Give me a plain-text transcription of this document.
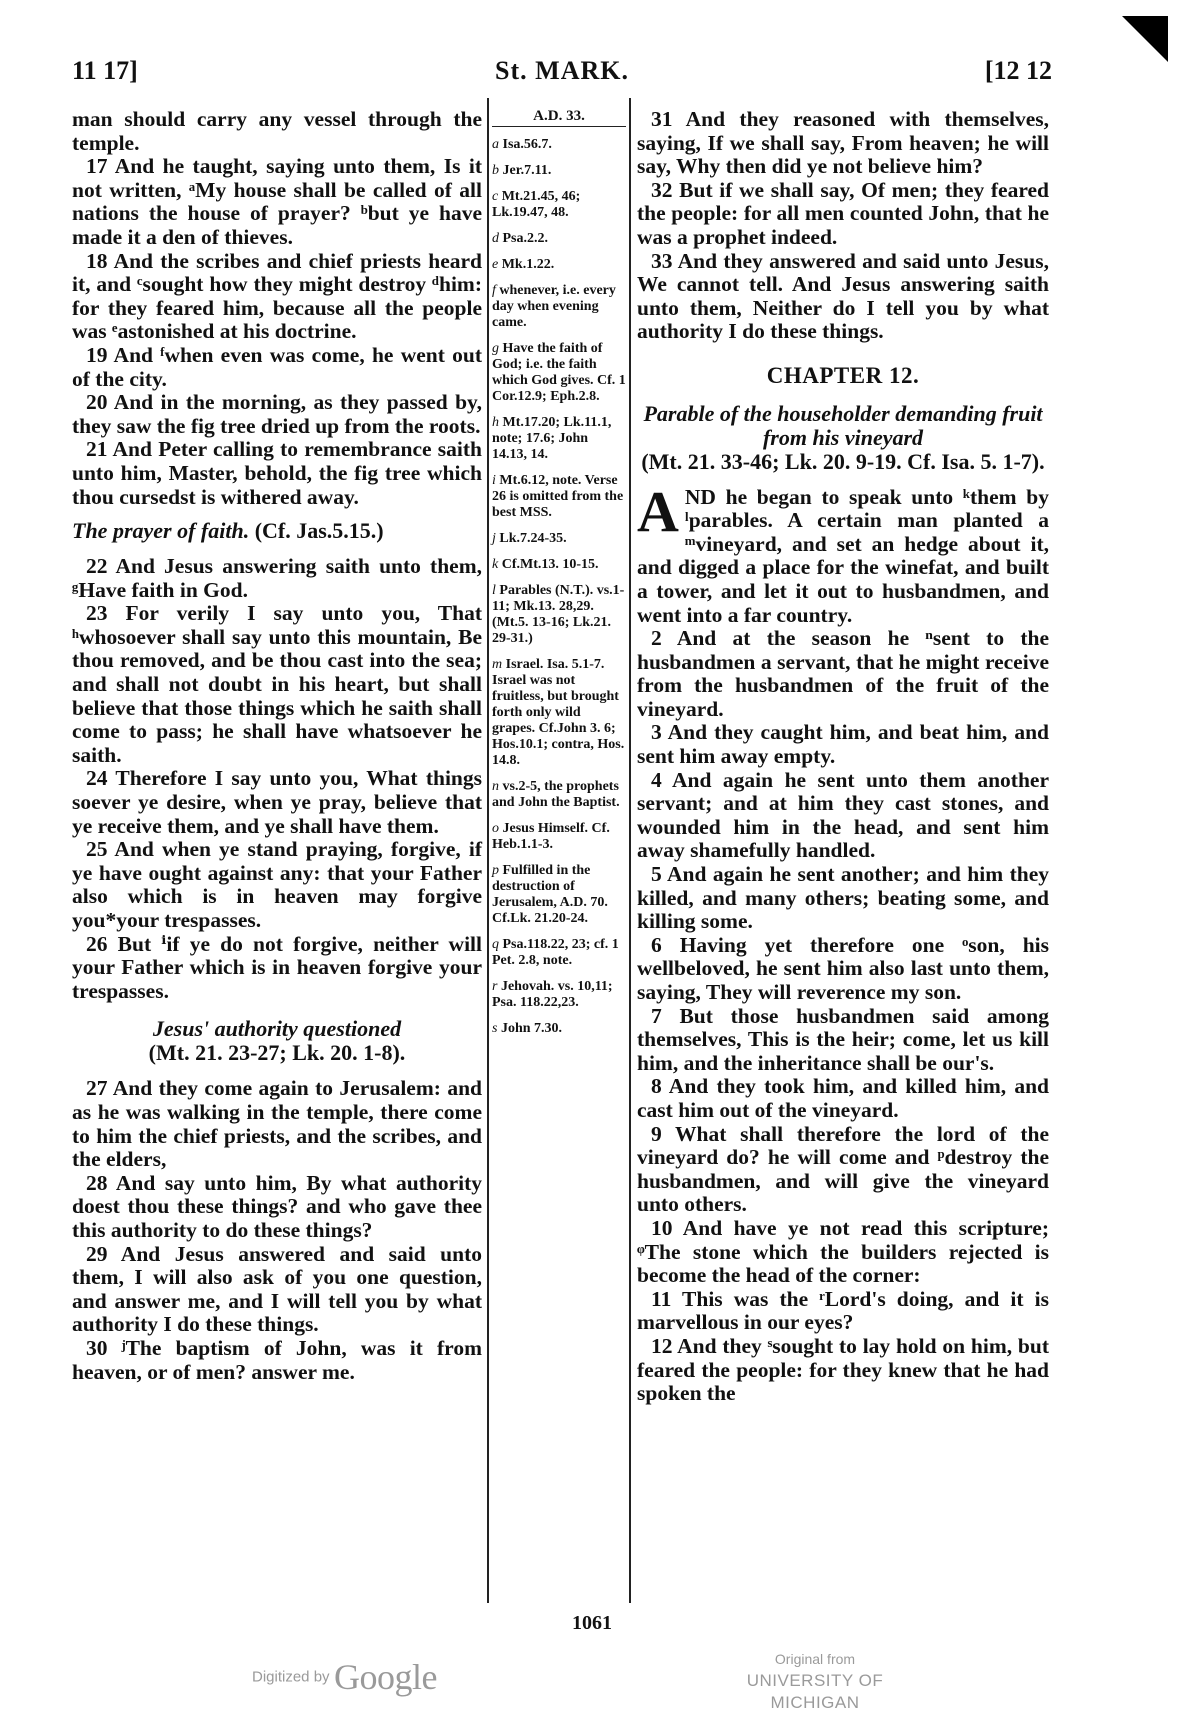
11 17]	St. MARK.	[12 12

man should carry any vessel through the temple.

17 And he taught, saying unto them, Is it not written, ᵃMy house shall be called of all nations the house of prayer? ᵇbut ye have made it a den of thieves.

18 And the scribes and chief priests heard it, and ᶜsought how they might destroy ᵈhim: for they feared him, because all the people was ᵉastonished at his doctrine.

19 And ᶠwhen even was come, he went out of the city.

20 And in the morning, as they passed by, they saw the fig tree dried up from the roots.

21 And Peter calling to remembrance saith unto him, Master, behold, the fig tree which thou cursedst is withered away.

The prayer of faith. (Cf. Jas.5.15.)

22 And Jesus answering saith unto them, ᵍHave faith in God.

23 For verily I say unto you, That ʰwhosoever shall say unto this mountain, Be thou removed, and be thou cast into the sea; and shall not doubt in his heart, but shall believe that those things which he saith shall come to pass; he shall have whatsoever he saith.

24 Therefore I say unto you, What things soever ye desire, when ye pray, believe that ye receive them, and ye shall have them.

25 And when ye stand praying, forgive, if ye have ought against any: that your Father also which is in heaven may forgive you*your trespasses.

26 But ⁱif ye do not forgive, neither will your Father which is in heaven forgive your trespasses.

Jesus' authority questioned
(Mt. 21. 23-27; Lk. 20. 1-8).

27 And they come again to Jerusalem: and as he was walking in the temple, there come to him the chief priests, and the scribes, and the elders,

28 And say unto him, By what authority doest thou these things? and who gave thee this authority to do these things?

29 And Jesus answered and said unto them, I will also ask of you one question, and answer me, and I will tell you by what authority I do these things.

30 ʲThe baptism of John, was it from heaven, or of men? answer me.

A.D. 33.
a Isa.56.7.
b Jer.7.11.
c Mt.21.45, 46; Lk.19.47, 48.
d Psa.2.2.
e Mk.1.22.
f whenever, i.e. every day when evening came.
g Have the faith of God; i.e. the faith which God gives. Cf. 1 Cor.12.9; Eph.2.8.
h Mt.17.20; Lk.11.1, note; 17.6; John 14.13, 14.
i Mt.6.12, note. Verse 26 is omitted from the best MSS.
j Lk.7.24-35.
k Cf.Mt.13. 10-15.
l Parables (N.T.). vs.1-11; Mk.13. 28,29. (Mt.5. 13-16; Lk.21. 29-31.)
m Israel. Isa. 5.1-7. Israel was not fruitless, but brought forth only wild grapes. Cf.John 3. 6; Hos.10.1; contra, Hos. 14.8.
n vs.2-5, the prophets and John the Baptist.
o Jesus Himself. Cf. Heb.1.1-3.
p Fulfilled in the destruction of Jerusalem, A.D. 70. Cf.Lk. 21.20-24.
q Psa.118.22, 23; cf. 1 Pet. 2.8, note.
r Jehovah. vs. 10,11; Psa. 118.22,23.
s John 7.30.

31 And they reasoned with themselves, saying, If we shall say, From heaven; he will say, Why then did ye not believe him?

32 But if we shall say, Of men; they feared the people: for all men counted John, that he was a prophet indeed.

33 And they answered and said unto Jesus, We cannot tell. And Jesus answering saith unto them, Neither do I tell you by what authority I do these things.

CHAPTER 12.
Parable of the householder demanding fruit from his vineyard
(Mt. 21. 33-46; Lk. 20. 9-19. Cf. Isa. 5. 1-7).

AND he began to speak unto ᵏthem by ˡparables. A certain man planted a ᵐvineyard, and set an hedge about it, and digged a place for the winefat, and built a tower, and let it out to husbandmen, and went into a far country.

2 And at the season he ⁿsent to the husbandmen a servant, that he might receive from the husbandmen of the fruit of the vineyard.

3 And they caught him, and beat him, and sent him away empty.

4 And again he sent unto them another servant; and at him they cast stones, and wounded him in the head, and sent him away shamefully handled.

5 And again he sent another; and him they killed, and many others; beating some, and killing some.

6 Having yet therefore one ᵒson, his wellbeloved, he sent him also last unto them, saying, They will reverence my son.

7 But those husbandmen said among themselves, This is the heir; come, let us kill him, and the inheritance shall be our's.

8 And they took him, and killed him, and cast him out of the vineyard.

9 What shall therefore the lord of the vineyard do? he will come and ᵖdestroy the husbandmen, and will give the vineyard unto others.

10 And have ye not read this scripture; ᵠThe stone which the builders rejected is become the head of the corner:

11 This was the ʳLord's doing, and it is marvellous in our eyes?

12 And they ˢsought to lay hold on him, but feared the people: for they knew that he had spoken the

1061
Digitized by Google	Original from
UNIVERSITY OF MICHIGAN
